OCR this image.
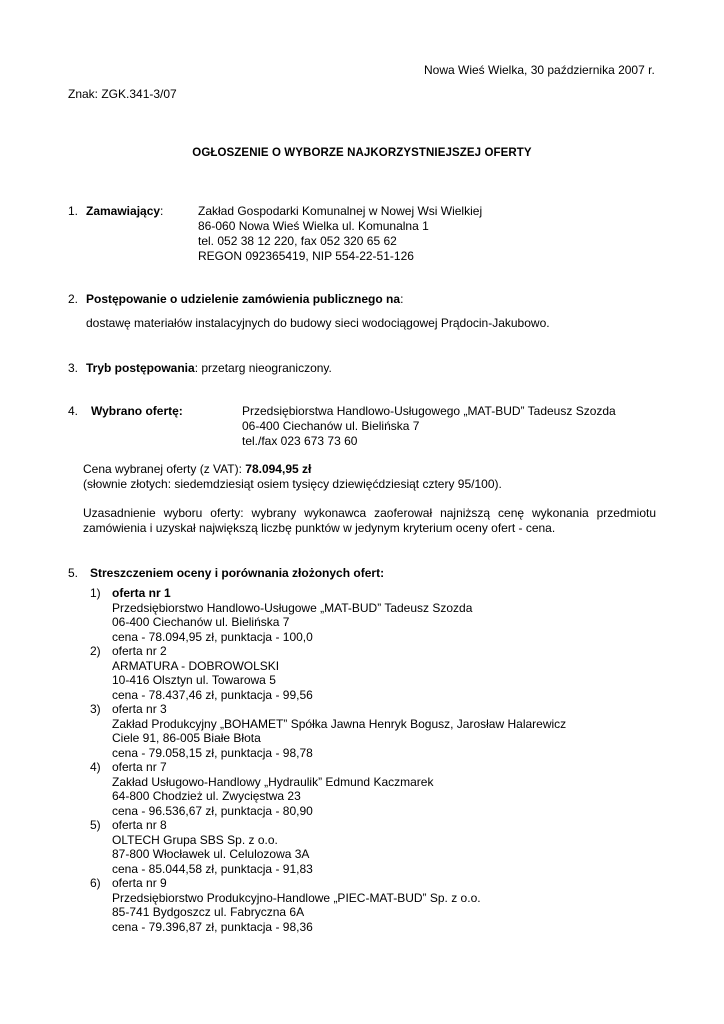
Nowa Wieś Wielka, 30 października 2007 r.
Znak: ZGK.341-3/07
OGŁOSZENIE O WYBORZE NAJKORZYSTNIEJSZEJ OFERTY
1. Zamawiający:	Zakład Gospodarki Komunalnej w Nowej Wsi Wielkiej
86-060 Nowa Wieś Wielka ul. Komunalna 1
tel. 052 38 12 220, fax 052 320 65 62
REGON 092365419, NIP 554-22-51-126
2. Postępowanie o udzielenie zamówienia publicznego na:
dostawę materiałów instalacyjnych do budowy sieci wodociągowej Prądocin-Jakubowo.
3. Tryb postępowania: przetarg nieograniczony.
4. Wybrano ofertę:	Przedsiębiorstwa Handlowo-Usługowego „MAT-BUD” Tadeusz Szozda
06-400 Ciechanów ul. Bielińska 7
tel./fax 023 673 73 60
Cena wybranej oferty (z VAT): 78.094,95 zł
(słownie złotych: siedemdziesiąt osiem tysięcy dziewięćdziesiąt cztery 95/100).
Uzasadnienie wyboru oferty: wybrany wykonawca zaoferował najniższą cenę wykonania przedmiotu zamówienia i uzyskał największą liczbę punktów w jedynym kryterium oceny ofert - cena.
5. Streszczeniem oceny i porównania złożonych ofert:
1) oferta nr 1
Przedsiębiorstwo Handlowo-Usługowe „MAT-BUD” Tadeusz Szozda
06-400 Ciechanów ul. Bielińska 7
cena - 78.094,95 zł, punktacja - 100,0
2) oferta nr 2
ARMATURA - DOBROWOLSKI
10-416 Olsztyn ul. Towarowa 5
cena - 78.437,46 zł, punktacja - 99,56
3) oferta nr 3
Zakład Produkcyjny „BOHAMET” Spółka Jawna Henryk Bogusz, Jarosław Halarewicz
Ciele 91, 86-005 Białe Błota
cena - 79.058,15 zł, punktacja - 98,78
4) oferta nr 7
Zakład Usługowo-Handlowy „Hydraulik” Edmund Kaczmarek
64-800 Chodzież ul. Zwycięstwa 23
cena - 96.536,67 zł, punktacja - 80,90
5) oferta nr 8
OLTECH Grupa SBS Sp. z o.o.
87-800 Włocławek ul. Celulozowa 3A
cena - 85.044,58 zł, punktacja - 91,83
6) oferta nr 9
Przedsiębiorstwo Produkcyjno-Handlowe „PIEC-MAT-BUD” Sp. z o.o.
85-741 Bydgoszcz ul. Fabryczna 6A
cena - 79.396,87 zł, punktacja - 98,36
